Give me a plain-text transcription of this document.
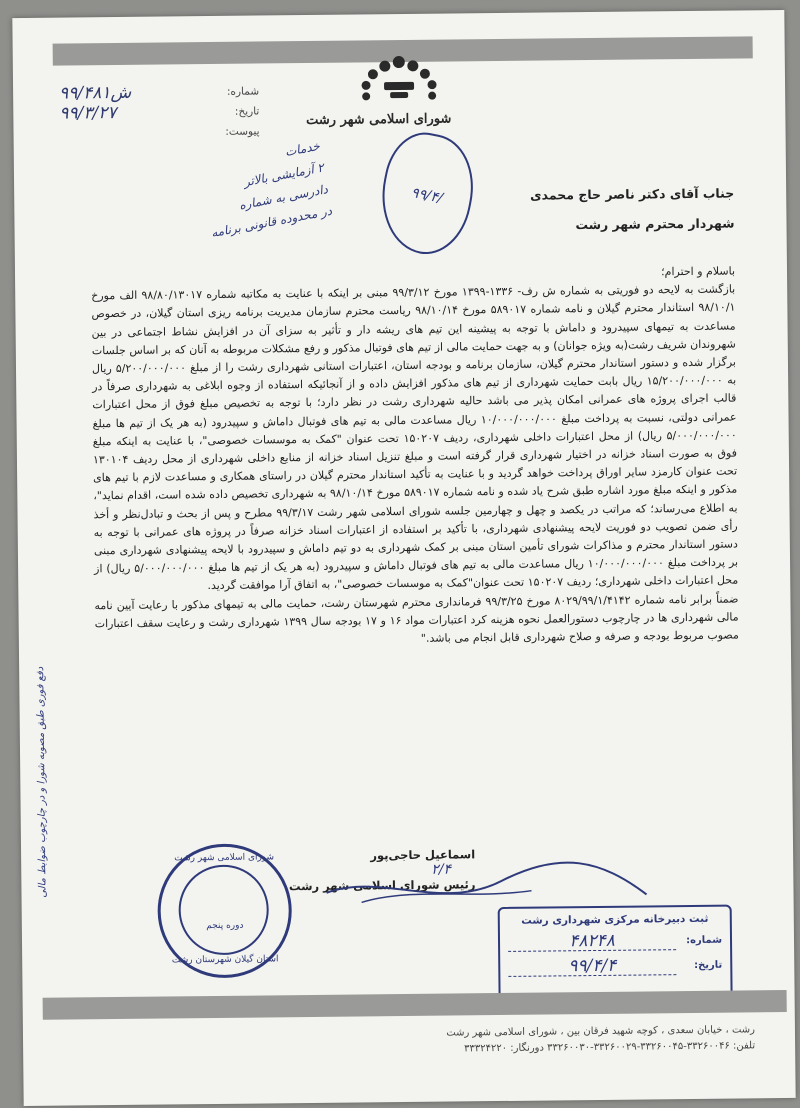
شورای اسلامی شهر رشت
شماره:
۹۹/۴۸۱ش
تاریخ:
۹۹/۳/۲۷
پیوست:
جناب آقای دکتر ناصر حاج محمدی
شهردار محترم شهر رشت
خدمات
۲ آزمایشی بالاتر
دادرسی به شماره
در محدوده قانونی برنامه
۹۹/۴/
دفع فوری طبق مصوبه شورا و در چارچوب ضوابط مالی

باسلام و احترام؛

بازگشت به لایحه دو فوریتی به شماره ش رف- ۱۳۳۶-۱۳۹۹ مورخ ۹۹/۳/۱۲ مبنی بر اینکه با عنایت به مکاتبه شماره ۹۸/۸۰/۱۳۰۱۷ الف مورخ ۹۸/۱۰/۱ استاندار محترم گیلان و نامه شماره ۵۸۹۰۱۷ مورخ ۹۸/۱۰/۱۴ ریاست محترم سازمان مدیریت برنامه ریزی استان گیلان، در خصوص مساعدت به تیمهای سپیدرود و داماش با توجه به پیشینه این تیم های ریشه دار و تأثیر به سزای آن در افزایش نشاط اجتماعی در بین شهروندان شریف رشت(به ویژه جوانان) و به جهت حمایت مالی از تیم های فوتبال مذکور و رفع مشکلات مربوطه به آنان که بر اساس جلسات برگزار شده و دستور استاندار محترم گیلان، سازمان برنامه و بودجه استان، اعتبارات استانی شهرداری رشت را از مبلغ ۵/۲۰۰/۰۰۰/۰۰۰ ریال به ۱۵/۲۰۰/۰۰۰/۰۰۰ ریال بابت حمایت شهرداری از تیم های مذکور افزایش داده و از آنجائیکه استفاده از وجوه ابلاغی به شهرداری صرفاً در قالب اجرای پروژه های عمرانی امکان پذیر می باشد حالیه شهرداری رشت در نظر دارد؛ با توجه به تخصیص مبلغ فوق از محل اعتبارات عمرانی دولتی، نسبت به پرداخت مبلغ ۱۰/۰۰۰/۰۰۰/۰۰۰ ریال مساعدت مالی به تیم های فوتبال داماش و سپیدرود (به هر یک از تیم ها مبلغ ۵/۰۰۰/۰۰۰/۰۰۰ ریال) از محل اعتبارات داخلی شهرداری، ردیف ۱۵۰۲۰۷ تحت عنوان "کمک به موسسات خصوصی"، با عنایت به اینکه مبلغ فوق به صورت اسناد خزانه در اختیار شهرداری قرار گرفته است و مبلغ تنزیل اسناد خزانه از منابع داخلی شهرداری از محل ردیف ۱۳۰۱۰۴ تحت عنوان کارمزد سایر اوراق پرداخت خواهد گردید و با عنایت به تأکید استاندار محترم گیلان در راستای همکاری و مساعدت لازم با تیم های مذکور و اینکه مبلغ مورد اشاره طبق شرح یاد شده و نامه شماره ۵۸۹۰۱۷ مورخ ۹۸/۱۰/۱۴ به شهرداری تخصیص داده شده است، اقدام نماید"، به اطلاع می‌رساند؛ که مراتب در یکصد و چهل و چهارمین جلسه شورای اسلامی شهر رشت ۹۹/۳/۱۷ مطرح و پس از بحث و تبادل‌نظر و أخذ رأی ضمن تصویب دو فوریت لایحه پیشنهادی شهرداری، با تأکید بر استفاده از اعتبارات اسناد خزانه صرفاً در پروژه های عمرانی با توجه به دستور استاندار محترم و مذاکرات شورای تأمین استان مبنی بر کمک شهرداری به دو تیم داماش و سپیدرود با لایحه پیشنهادی شهرداری مبنی بر پرداخت مبلغ ۱۰/۰۰۰/۰۰۰/۰۰۰ ریال مساعدت مالی به تیم های فوتبال داماش و سپیدرود (به هر یک از تیم ها مبلغ ۵/۰۰۰/۰۰۰/۰۰۰ ریال) از محل اعتبارات داخلی شهرداری؛ ردیف ۱۵۰۲۰۷ تحت عنوان"کمک به موسسات خصوصی"، به اتفاق آرا موافقت گردید.

ضمناً برابر نامه شماره ۸۰۲۹/۹۹/۱/۴۱۴۲ مورخ ۹۹/۳/۲۵ فرمانداری محترم شهرستان رشت، حمایت مالی به تیمهای مذکور با رعایت آیین نامه مالی شهرداری ها در چارچوب دستورالعمل نحوه هزینه کرد اعتبارات مواد ۱۶ و ۱۷ بودجه سال ۱۳۹۹ شهرداری رشت و رعایت سقف اعتبارات مصوب مربوط بودجه و صرفه و صلاح شهرداری قابل انجام می باشد."

شورای اسلامی شهر رشت
دوره پنجم
استان گیلان شهرستان رشت
اسماعیل حاجی‌پور
رئیس شورای اسلامی شهر رشت
۲/۴
ثبت دبیرخانه مرکزی شهرداری رشت
شماره:
۴۸۲۴۸
تاریخ:
۹۹/۴/۴
رشت ، خیابان سعدی ، کوچه شهید فرقان بین ، شورای اسلامی شهر رشت
تلفن: ۳۳۲۶۰۰۴۶-۳۳۲۶۰۰۴۵-۳۳۲۶۰۰۲۹-۳۳۲۶۰۰۳۰ دورنگار: ۳۳۳۲۴۲۲۰
